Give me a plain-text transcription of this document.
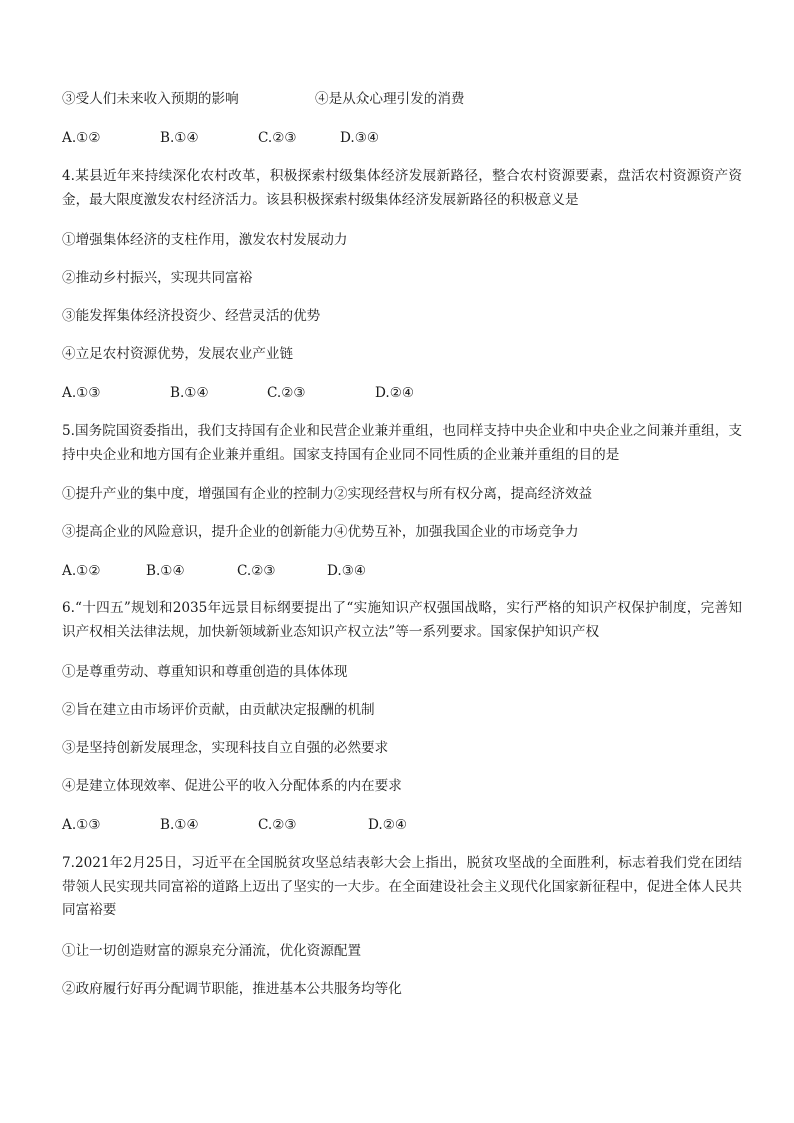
③受人们未来收入预期的影响	④是从众心理引发的消费
A.①②	B.①④	C.②③	D.③④
4.某县近年来持续深化农村改革，积极探索村级集体经济发展新路径，整合农村资源要素，盘活农村资源资产资金，最大限度激发农村经济活力。该县积极探索村级集体经济发展新路径的积极意义是
①增强集体经济的支柱作用，激发农村发展动力
②推动乡村振兴，实现共同富裕
③能发挥集体经济投资少、经营灵活的优势
④立足农村资源优势，发展农业产业链
A.①③	B.①④	C.②③	D.②④
5.国务院国资委指出，我们支持国有企业和民营企业兼并重组，也同样支持中央企业和中央企业之间兼并重组，支持中央企业和地方国有企业兼并重组。国家支持国有企业同不同性质的企业兼并重组的目的是
①提升产业的集中度，增强国有企业的控制力②实现经营权与所有权分离，提高经济效益
③提高企业的风险意识，提升企业的创新能力④优势互补，加强我国企业的市场竞争力
A.①②	B.①④	C.②③	D.③④
6.“十四五”规划和2035年远景目标纲要提出了“实施知识产权强国战略，实行严格的知识产权保护制度，完善知识产权相关法律法规，加快新领域新业态知识产权立法”等一系列要求。国家保护知识产权
①是尊重劳动、尊重知识和尊重创造的具体体现
②旨在建立由市场评价贡献，由贡献决定报酬的机制
③是坚持创新发展理念，实现科技自立自强的必然要求
④是建立体现效率、促进公平的收入分配体系的内在要求
A.①③	B.①④	C.②③	D.②④
7.2021年2月25日，习近平在全国脱贫攻坚总结表彰大会上指出，脱贫攻坚战的全面胜利，标志着我们党在团结带领人民实现共同富裕的道路上迈出了坚实的一大步。在全面建设社会主义现代化国家新征程中，促进全体人民共同富裕要
①让一切创造财富的源泉充分涌流，优化资源配置
②政府履行好再分配调节职能，推进基本公共服务均等化
